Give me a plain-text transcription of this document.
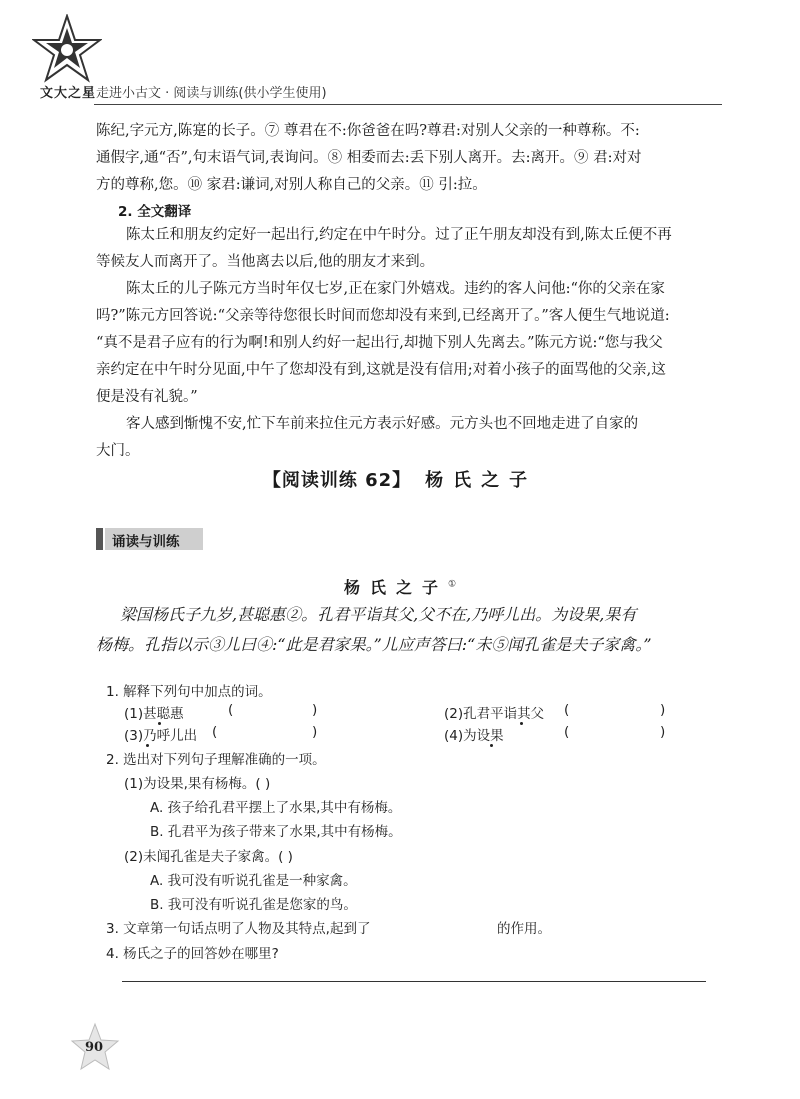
文大之星 走进小古文 · 阅读与训练(供小学生使用)
陈纪,字元方,陈寔的长子。⑦ 尊君在不:你爸爸在吗?尊君:对别人父亲的一种尊称。不:
通假字,通“否”,句末语气词,表询问。⑧ 相委而去:丢下别人离开。去:离开。⑨ 君:对对
方的尊称,您。⑩ 家君:谦词,对别人称自己的父亲。⑪ 引:拉。
2. 全文翻译
陈太丘和朋友约定好一起出行,约定在中午时分。过了正午朋友却没有到,陈太丘便不再
等候友人而离开了。当他离去以后,他的朋友才来到。
陈太丘的儿子陈元方当时年仅七岁,正在家门外嬉戏。违约的客人问他:“你的父亲在家
吗?”陈元方回答说:“父亲等待您很长时间而您却没有来到,已经离开了。”客人便生气地说道:
“真不是君子应有的行为啊!和别人约好一起出行,却抛下别人先离去。”陈元方说:“您与我父
亲约定在中午时分见面,中午了您却没有到,这就是没有信用;对着小孩子的面骂他的父亲,这
便是没有礼貌。”
客人感到惭愧不安,忙下车前来拉住元方表示好感。元方头也不回地走进了自家的
大门。
【阅读训练 62】 杨氏之子
诵读与训练
杨氏之子①
梁国杨氏子九岁,甚聪惠②。孔君平诣其父,父不在,乃呼儿出。为设果,果有
杨梅。孔指以示③儿曰④:“此是君家果。”儿应声答曰:“未⑤闻孔雀是夫子家禽。”
1. 解释下列句中加点的词。
(1)甚聪惠	(	)	(2)孔君平诣其父 (	)
(3)乃呼儿出 (	)	(4)为设果	(	)
2. 选出对下列句子理解准确的一项。
(1)为设果,果有杨梅。( )
A. 孩子给孔君平摆上了水果,其中有杨梅。
B. 孔君平为孩子带来了水果,其中有杨梅。
(2)未闻孔雀是夫子家禽。( )
A. 我可没有听说孔雀是一种家禽。
B. 我可没有听说孔雀是您家的鸟。
3. 文章第一句话点明了人物及其特点,起到了	的作用。
4. 杨氏之子的回答妙在哪里?
90
